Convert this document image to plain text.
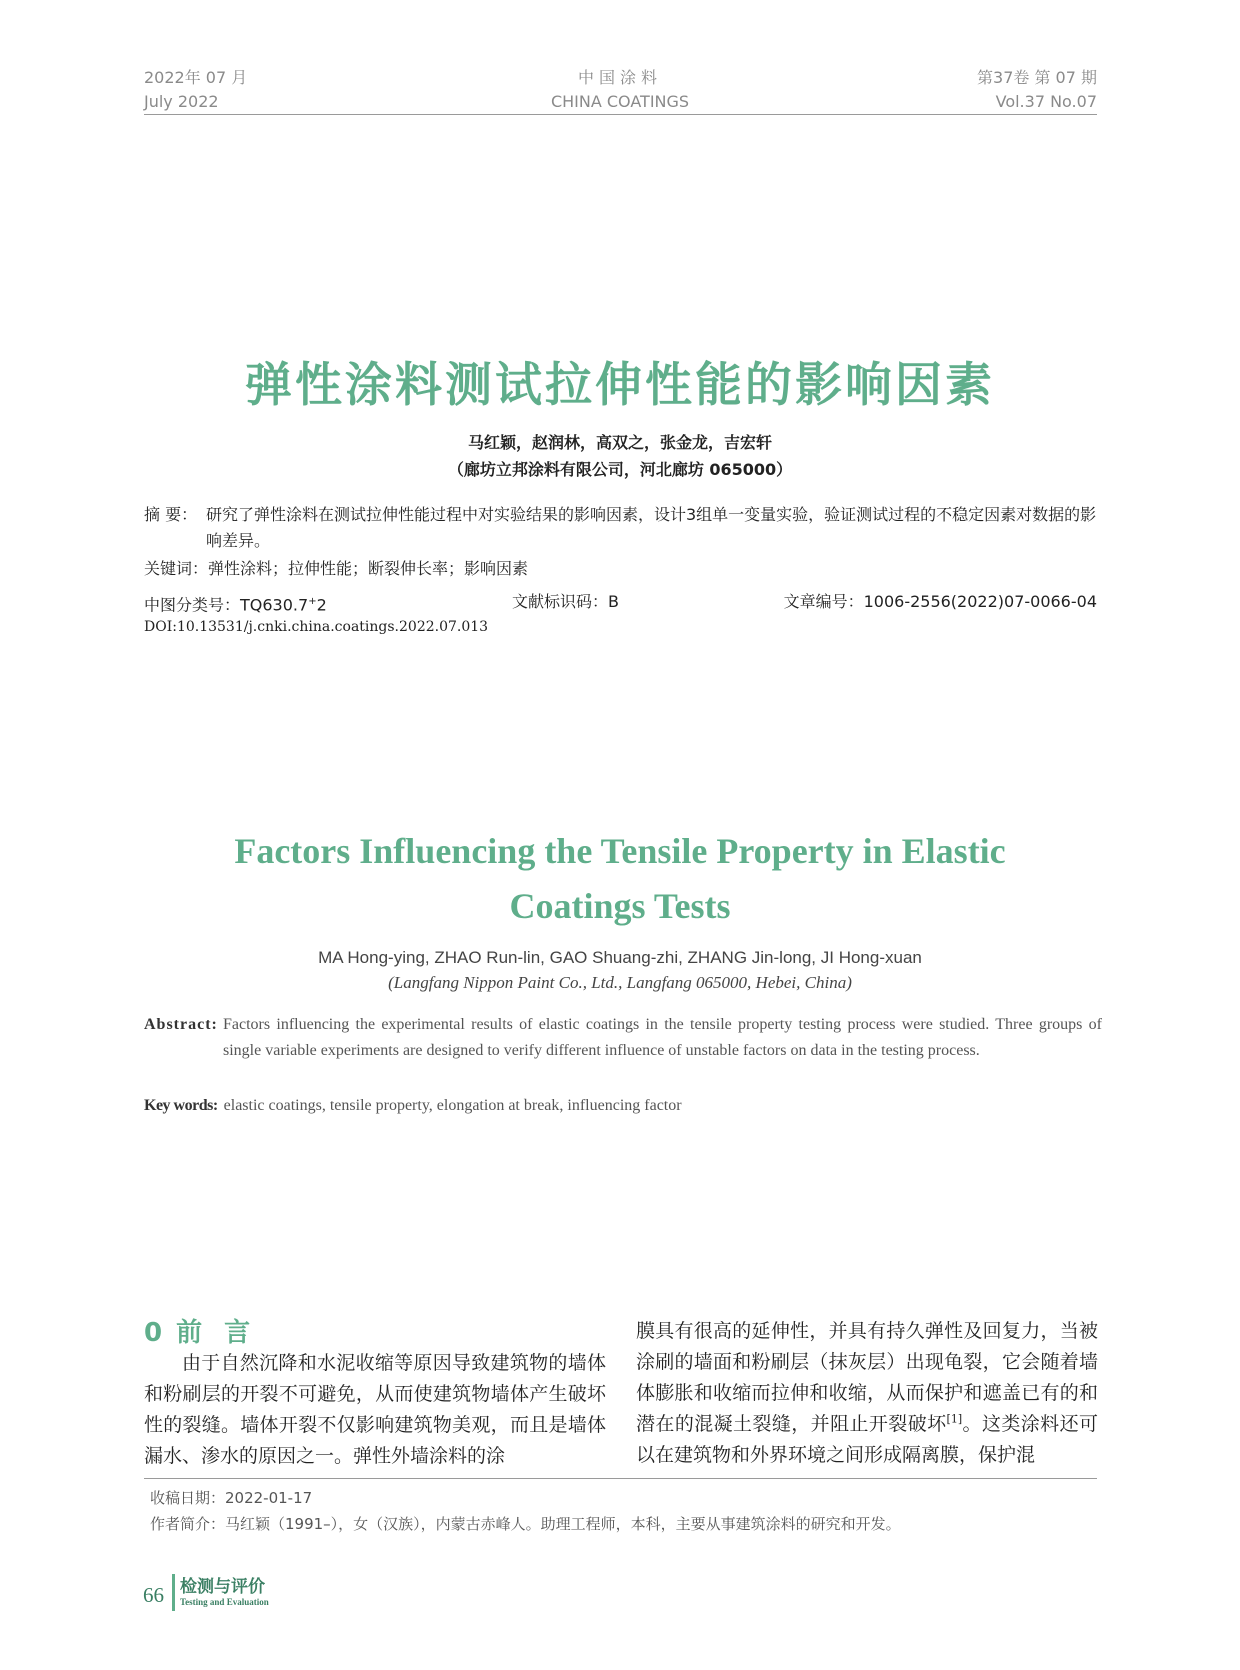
2022年 07 月
July 2022
中国涂料
CHINA COATINGS
第37卷 第 07 期
Vol.37 No.07
弹性涂料测试拉伸性能的影响因素
马红颖，赵润林，高双之，张金龙，吉宏轩
（廊坊立邦涂料有限公司，河北廊坊 065000）
摘 要： 研究了弹性涂料在测试拉伸性能过程中对实验结果的影响因素，设计3组单一变量实验，验证测试过程的不稳定因素对数据的影响差异。
关键词：弹性涂料；拉伸性能；断裂伸长率；影响因素
中图分类号：TQ630.7+2	文献标识码：B	文章编号：1006-2556(2022)07-0066-04
DOI:10.13531/j.cnki.china.coatings.2022.07.013
Factors Influencing the Tensile Property in Elastic
Coatings Tests
MA Hong-ying, ZHAO Run-lin, GAO Shuang-zhi, ZHANG Jin-long, JI Hong-xuan
(Langfang Nippon Paint Co., Ltd., Langfang 065000, Hebei, China)
Abstract: Factors influencing the experimental results of elastic coatings in the tensile property testing process were studied. Three groups of single variable experiments are designed to verify different influence of unstable factors on data in the testing process.
Key words: elastic coatings, tensile property, elongation at break, influencing factor
0 前言
由于自然沉降和水泥收缩等原因导致建筑物的墙体和粉刷层的开裂不可避免，从而使建筑物墙体产生破坏性的裂缝。墙体开裂不仅影响建筑物美观，而且是墙体漏水、渗水的原因之一。弹性外墙涂料的涂
膜具有很高的延伸性，并具有持久弹性及回复力，当被涂刷的墙面和粉刷层（抹灰层）出现龟裂，它会随着墙体膨胀和收缩而拉伸和收缩，从而保护和遮盖已有的和潜在的混凝土裂缝，并阻止开裂破坏[1]。这类涂料还可以在建筑物和外界环境之间形成隔离膜，保护混
收稿日期：2022-01-17
作者简介：马红颖（1991–），女（汉族），内蒙古赤峰人。助理工程师，本科，主要从事建筑涂料的研究和开发。
66 检测与评价
Testing and Evaluation
